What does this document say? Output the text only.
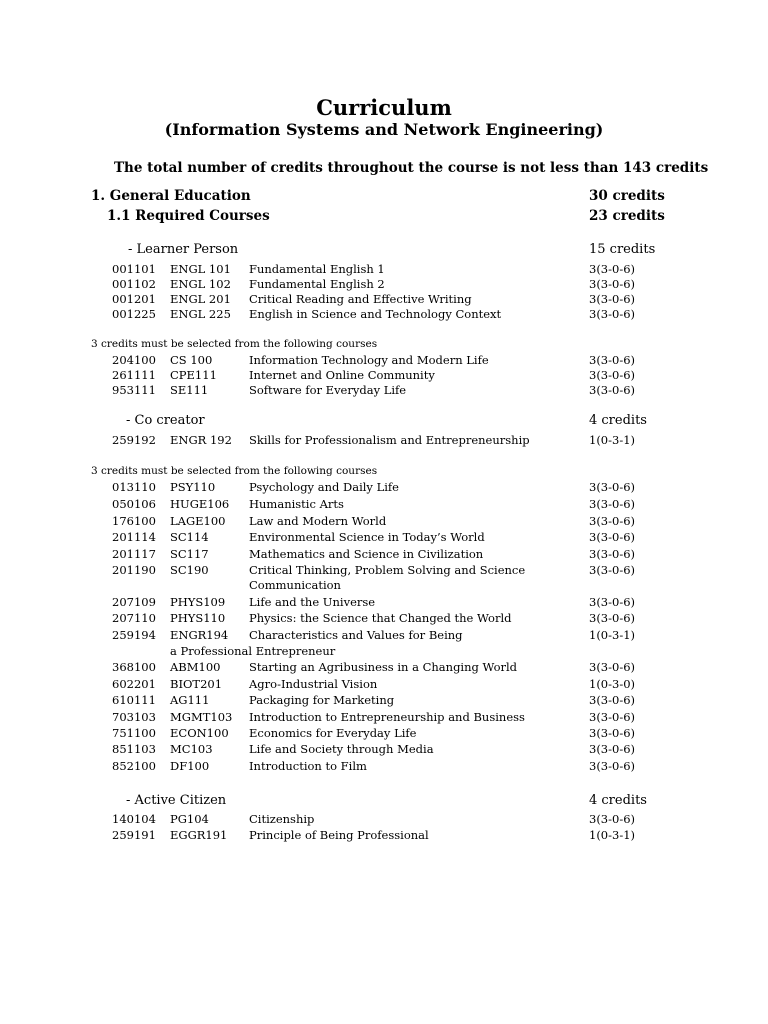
Curriculum
(Information Systems and Network Engineering)
The total number of credits throughout the course is not less than 143 credits
1. General Education	30 credits
1.1 Required Courses	23 credits
- Learner Person	15 credits
001101 ENGL 101 Fundamental English 1	3(3-0-6)
001102 ENGL 102 Fundamental English 2	3(3-0-6)
001201 ENGL 201 Critical Reading and Effective Writing	3(3-0-6)
001225 ENGL 225 English in Science and Technology Context	3(3-0-6)
3 credits must be selected from the following courses
204100 CS 100	Information Technology and Modern Life	3(3-0-6)
261111 CPE111	Internet and Online Community	3(3-0-6)
953111 SE111	Software for Everyday Life	3(3-0-6)
- Co creator	4 credits
259192 ENGR 192 Skills for Professionalism and Entrepreneurship	1(0-3-1)
3 credits must be selected from the following courses
013110 PSY110	Psychology and Daily Life	3(3-0-6)
050106 HUGE106 Humanistic Arts	3(3-0-6)
176100 LAGE100 Law and Modern World	3(3-0-6)
201114 SC114	Environmental Science in Today’s World	3(3-0-6)
201117 SC117	Mathematics and Science in Civilization	3(3-0-6)
201190 SC190	Critical Thinking, Problem Solving and Science	3(3-0-6)
Communication
207109 PHYS109 Life and the Universe	3(3-0-6)
207110 PHYS110 Physics: the Science that Changed the World	3(3-0-6)
259194 ENGR194 Characteristics and Values for Being	1(0-3-1)
a Professional Entrepreneur
368100 ABM100 Starting an Agribusiness in a Changing World	3(3-0-6)
602201 BIOT201 Agro-Industrial Vision	1(0-3-0)
610111 AG111	Packaging for Marketing	3(3-0-6)
703103 MGMT103 Introduction to Entrepreneurship and Business	3(3-0-6)
751100 ECON100 Economics for Everyday Life	3(3-0-6)
851103 MC103	Life and Society through Media	3(3-0-6)
852100 DF100	Introduction to Film	3(3-0-6)
- Active Citizen	4 credits
140104 PG104	Citizenship	3(3-0-6)
259191 EGGR191 Principle of Being Professional	1(0-3-1)
